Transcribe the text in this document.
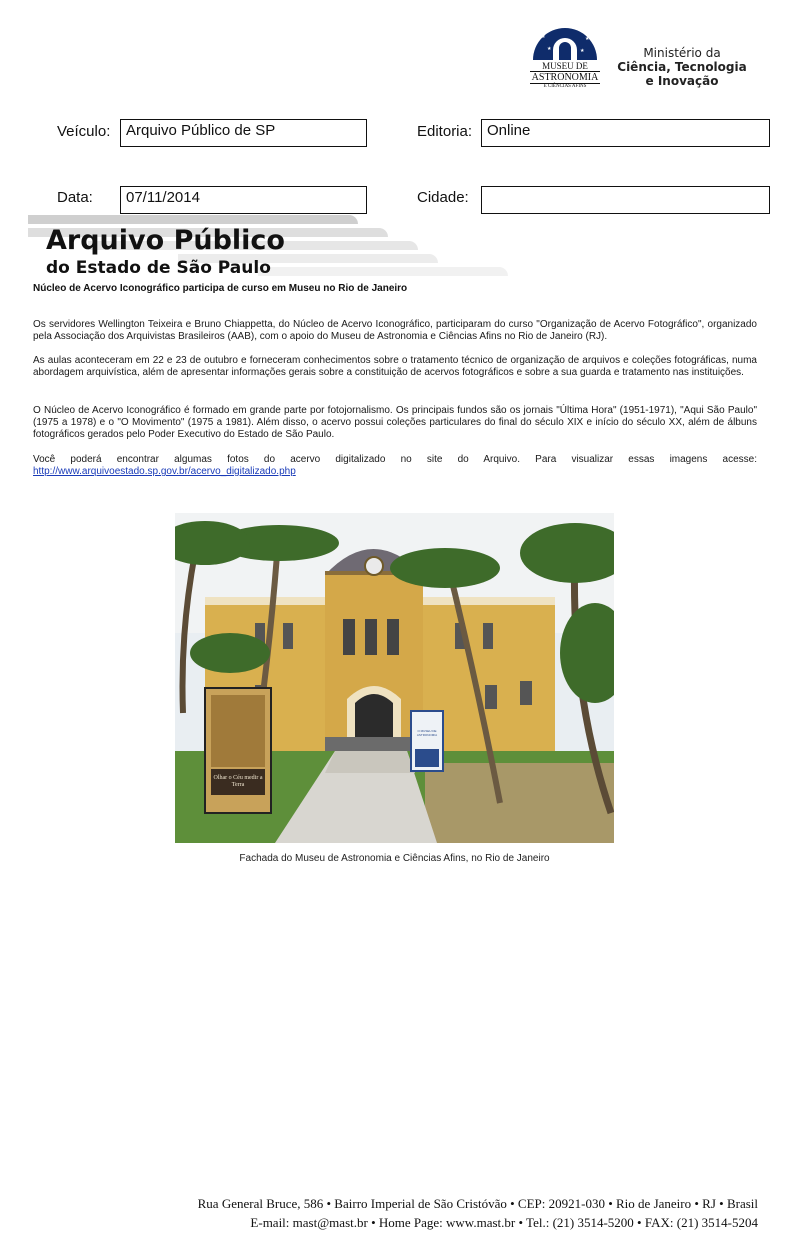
★	★
★	★
MUSEU DE
ASTRONOMIA
E CIÊNCIAS AFINS
Ministério da
Ciência, Tecnologia
e Inovação
Veículo:	Arquivo Público de SP	Editoria: Online
Data:	07/11/2014	Cidade:
Arquivo Público
do Estado de São Paulo
Núcleo de Acervo Iconográfico participa de curso em Museu no Rio de Janeiro
Os servidores Wellington Teixeira e Bruno Chiappetta, do Núcleo de Acervo Iconográfico, participaram do curso "Organização de Acervo Fotográfico", organizado pela Associação dos Arquivistas Brasileiros (AAB), com o apoio do Museu de Astronomia e Ciências Afins no Rio de Janeiro (RJ).
As aulas aconteceram em 22 e 23 de outubro e forneceram conhecimentos sobre o tratamento técnico de organização de arquivos e coleções fotográficas, numa abordagem arquivística, além de apresentar informações gerais sobre a constituição de acervos fotográficos e sobre a sua guarda e tratamento nas instituições.
O Núcleo de Acervo Iconográfico é formado em grande parte por fotojornalismo. Os principais fundos são os jornais "Última Hora" (1951-1971), "Aqui São Paulo" (1975 a 1978) e o "O Movimento" (1975 a 1981). Além disso, o acervo possui coleções particulares do final do século XIX e início do século XX, além de álbuns fotográficos gerados pelo Poder Executivo do Estado de São Paulo.
Você poderá encontrar algumas fotos do acervo digitalizado no site do Arquivo. Para visualizar essas imagens acesse: http://www.arquivoestado.sp.gov.br/acervo_digitalizado.php
Olhar o Céu medir a Terra
O MUSEU DE ASTRONOMIA
Fachada do Museu de Astronomia e Ciências Afins, no Rio de Janeiro
Rua General Bruce, 586 • Bairro Imperial de São Cristóvão • CEP: 20921-030 • Rio de Janeiro • RJ • Brasil
E-mail: mast@mast.br • Home Page: www.mast.br • Tel.: (21) 3514-5200 • FAX: (21) 3514-5204
